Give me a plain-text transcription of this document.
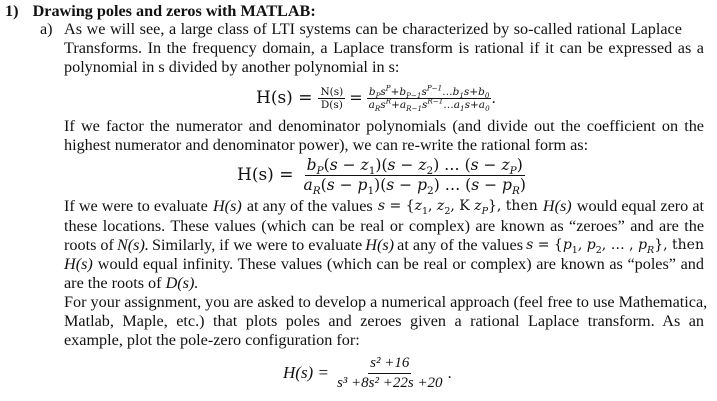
1) Drawing poles and zeros with MATLAB:
a) As we will see, a large class of LTI systems can be characterized by so-called rational Laplace
Transforms. In the frequency domain, a Laplace transform is rational if it can be expressed as a
polynomial in s divided by another polynomial in s:
$H(s) = \frac{N(s)}{D(s)} = \frac{b_Ps^P+b_{P-1}s^{P-1}\dots b_1s+b_0}{a_Rs^R+a_{R-1}s^{R-1}\dots a_1s+a_0}$ .
If we factor the numerator and denominator polynomials (and divide out the coefficient on the
highest numerator and denominator power), we can re-write the rational form as:
$H(s) = \frac{b_P(s - z_1)(s - z_2) \dots (s - z_P)}{a_R(s - p_1)(s - p_2) \dots (s - p_R)}$
If we were to evaluate H(s) at any of the values $s = \{z_1$, $z_2$, K $z_P$}, then H(s) would equal zero at
these locations. These values (which can be real or complex) are known as “zeroes” and are the
roots of N(s). Similarly, if we were to evaluate H(s) at any of the values $s = \{p_1$, $p_2$, … , $p_R$}, then
H(s) would equal infinity. These values (which can be real or complex) are known as “poles” and
are the roots of D(s).
For your assignment, you are asked to develop a numerical approach (feel free to use Mathematica,
Matlab, Maple, etc.) that plots poles and zeroes given a rational Laplace transform. As an
example, plot the pole-zero configuration for:
$H(s) = \frac{\text{s² +16}}{\text{s³ +8s² +22s +20}}$ .
